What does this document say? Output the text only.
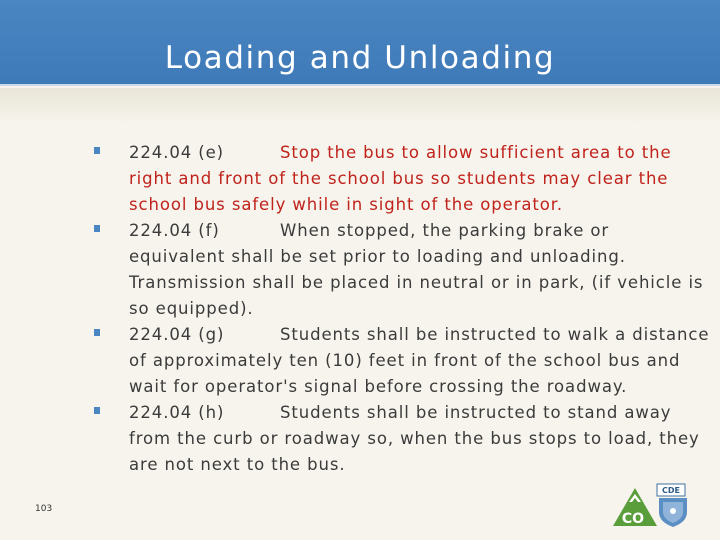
Loading and Unloading
224.04 (e)	Stop the bus to allow sufficient area to the right and front of the school bus so students may clear the school bus safely while in sight of the operator.
224.04 (f)	When stopped, the parking brake or equivalent shall be set prior to loading and unloading. Transmission shall be placed in neutral or in park, (if vehicle is so equipped).
224.04 (g)	Students shall be instructed to walk a distance of approximately ten (10) feet in front of the school bus and wait for operator's signal before crossing the roadway.
224.04 (h)	Students shall be instructed to stand away from the curb or roadway so, when the bus stops to load, they are not next to the bus.
103
CO
CDE
